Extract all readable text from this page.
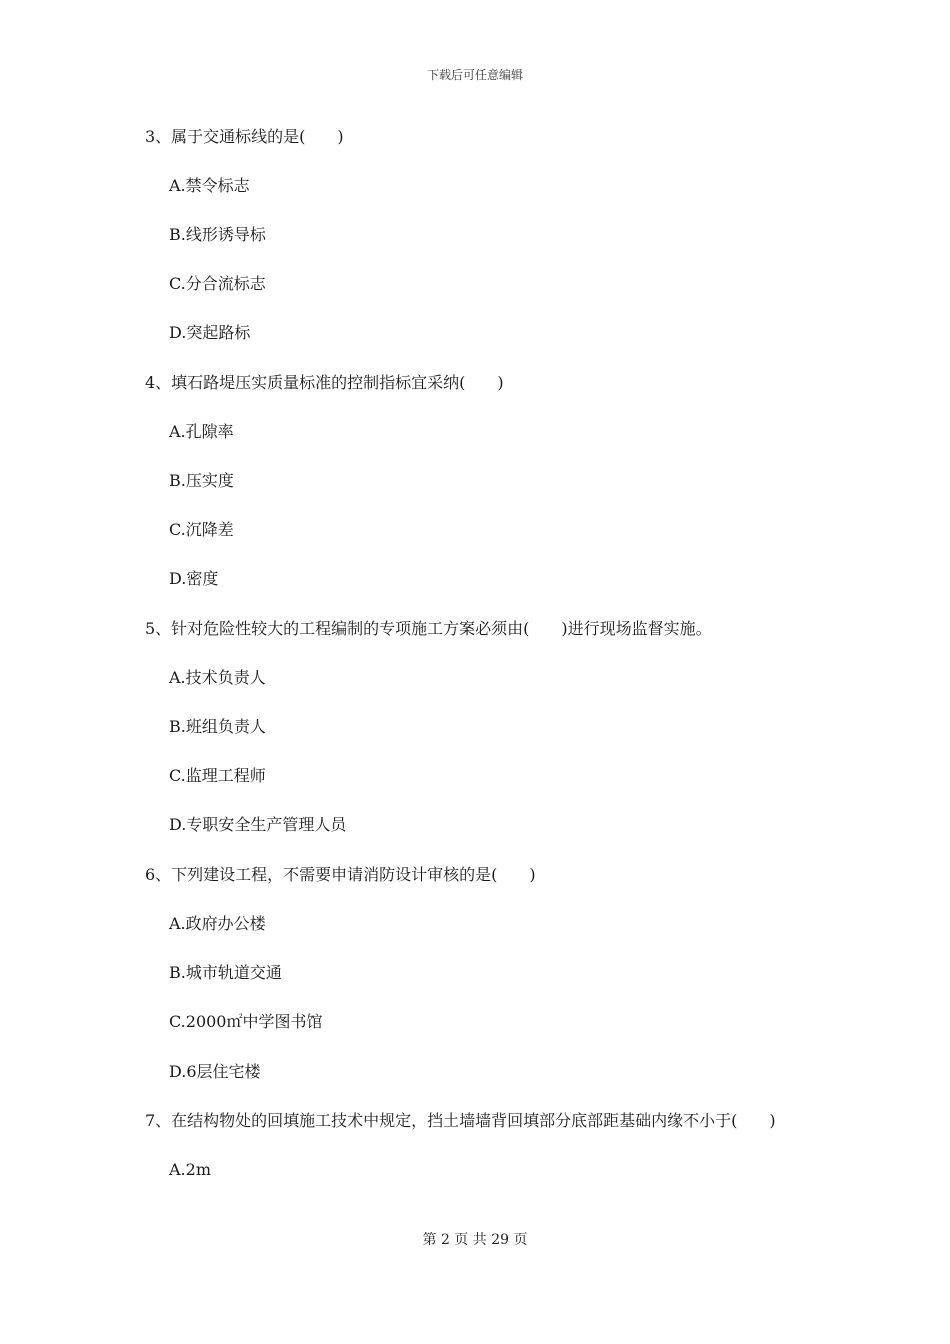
下载后可任意编辑
3、属于交通标线的是(　　)
A.禁令标志
B.线形诱导标
C.分合流标志
D.突起路标
4、填石路堤压实质量标准的控制指标宜采纳(　　)
A.孔隙率
B.压实度
C.沉降差
D.密度
5、针对危险性较大的工程编制的专项施工方案必须由(　　)进行现场监督实施。
A.技术负责人
B.班组负责人
C.监理工程师
D.专职安全生产管理人员
6、下列建设工程，不需要申请消防设计审核的是(　　)
A.政府办公楼
B.城市轨道交通
C.2000㎡中学图书馆
D.6层住宅楼
7、在结构物处的回填施工技术中规定，挡土墙墙背回填部分底部距基础内缘不小于(　　)
A.2m
第 2 页 共 29 页
